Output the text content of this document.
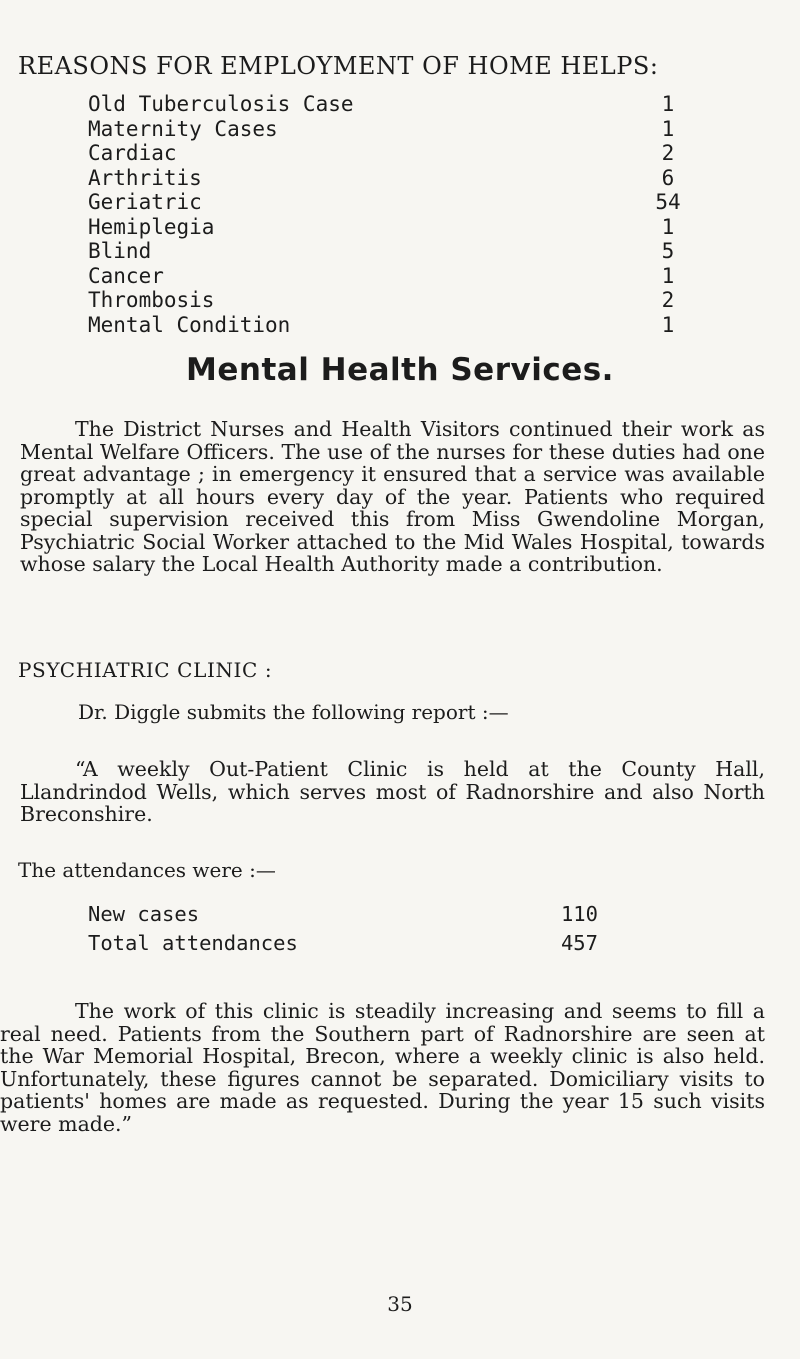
REASONS FOR EMPLOYMENT OF HOME HELPS:
Old Tuberculosis Case	1
Maternity Cases	1
Cardiac	2
Arthritis	6
Geriatric	54
Hemiplegia	1
Blind	5
Cancer	1
Thrombosis	2
Mental Condition	1
Mental Health Services.

The District Nurses and Health Visitors continued their work as Mental Welfare Officers. The use of the nurses for these duties had one great advantage ; in emergency it ensured that a service was available promptly at all hours every day of the year. Patients who required special supervision received this from Miss Gwendoline Morgan, Psychiatric Social Worker attached to the Mid Wales Hospital, towards whose salary the Local Health Authority made a contribution.

PSYCHIATRIC CLINIC :
Dr. Diggle submits the following report :—

“A weekly Out-Patient Clinic is held at the County Hall, Llandrindod Wells, which serves most of Radnorshire and also North Breconshire.

The attendances were :—
New cases	110
Total attendances	457

The work of this clinic is steadily increasing and seems to fill a real need. Patients from the Southern part of Radnorshire are seen at the War Memorial Hospital, Brecon, where a weekly clinic is also held. Unfortunately, these figures cannot be separated. Domiciliary visits to patients' homes are made as requested. During the year 15 such visits were made.”

35
